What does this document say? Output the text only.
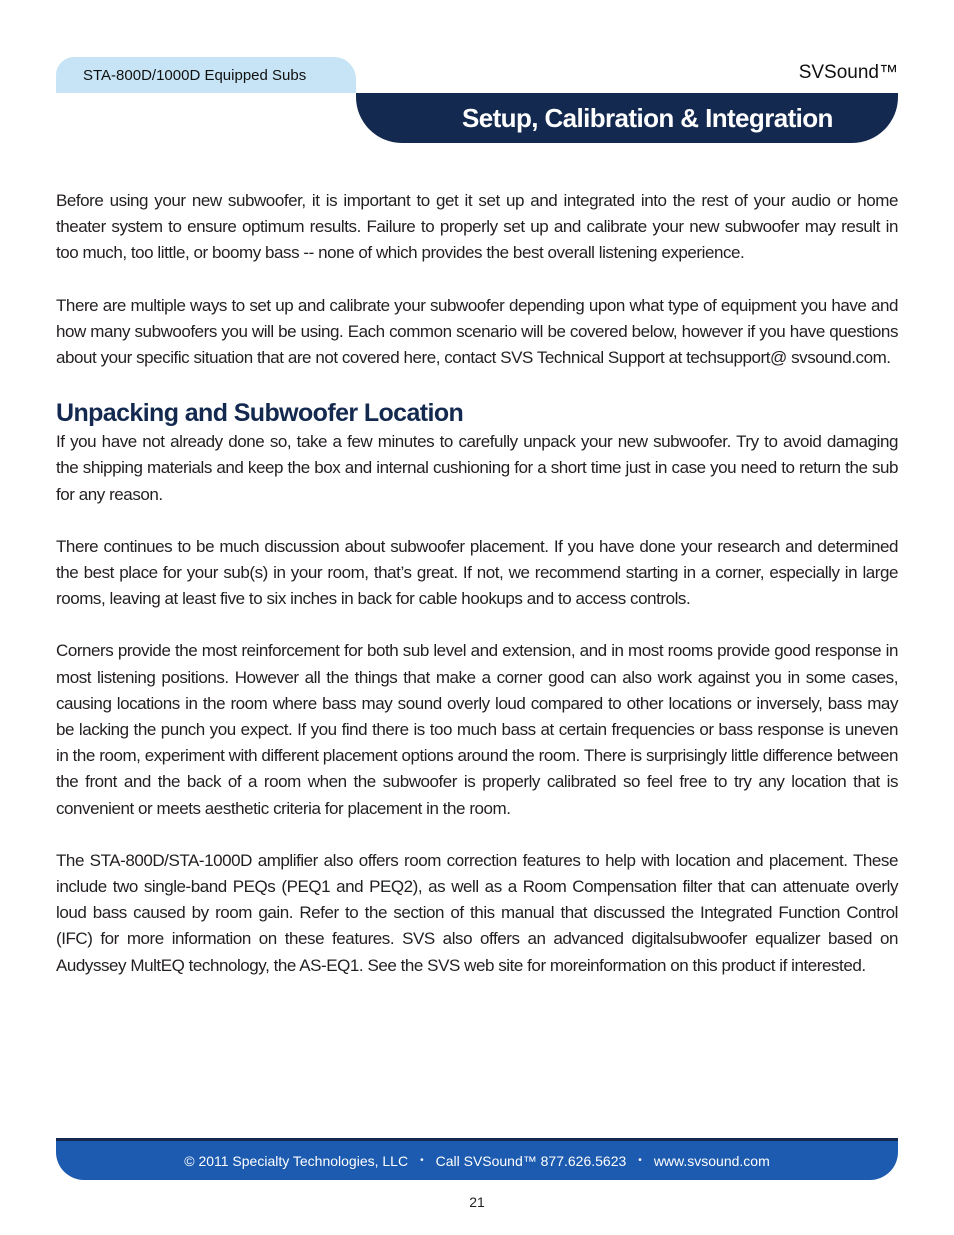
STA-800D/1000D Equipped Subs	SVSound™
Setup, Calibration & Integration

Before using your new subwoofer, it is important to get it set up and integrated into the rest of your audio or home theater system to ensure optimum results. Failure to properly set up and calibrate your new subwoofer may result in too much, too little, or boomy bass -- none of which provides the best overall listening experience.

There are multiple ways to set up and calibrate your subwoofer depending upon what type of equipment you have and how many subwoofers you will be using. Each common scenario will be covered below, however if you have questions about your specific situation that are not covered here, contact SVS Technical Support at techsupport@ svsound.com.

Unpacking and Subwoofer Location

If you have not already done so, take a few minutes to carefully unpack your new subwoofer. Try to avoid damaging the shipping materials and keep the box and internal cushioning for a short time just in case you need to return the sub for any reason.

There continues to be much discussion about subwoofer placement. If you have done your research and determined the best place for your sub(s) in your room, that’s great. If not, we recommend starting in a corner, especially in large rooms, leaving at least five to six inches in back for cable hookups and to access controls.

Corners provide the most reinforcement for both sub level and extension, and in most rooms provide good response in most listening positions. However all the things that make a corner good can also work against you in some cases, causing locations in the room where bass may sound overly loud compared to other locations or inversely, bass may be lacking the punch you expect. If you find there is too much bass at certain frequencies or bass response is uneven in the room, experiment with different placement options around the room. There is surprisingly little difference between the front and the back of a room when the subwoofer is properly calibrated so feel free to try any location that is convenient or meets aesthetic criteria for placement in the room.

The STA-800D/STA-1000D amplifier also offers room correction features to help with location and placement. These include two single-band PEQs (PEQ1 and PEQ2), as well as a Room Compensation filter that can attenuate overly loud bass caused by room gain. Refer to the section of this manual that discussed the Integrated Function Control (IFC) for more information on these features. SVS also offers an advanced digitalsubwoofer equalizer based on Audyssey MultEQ technology, the AS-EQ1. See the SVS web site for moreinformation on this product if interested.

© 2011 Specialty Technologies, LLC • Call SVSound™ 877.626.5623 • www.svsound.com
21
